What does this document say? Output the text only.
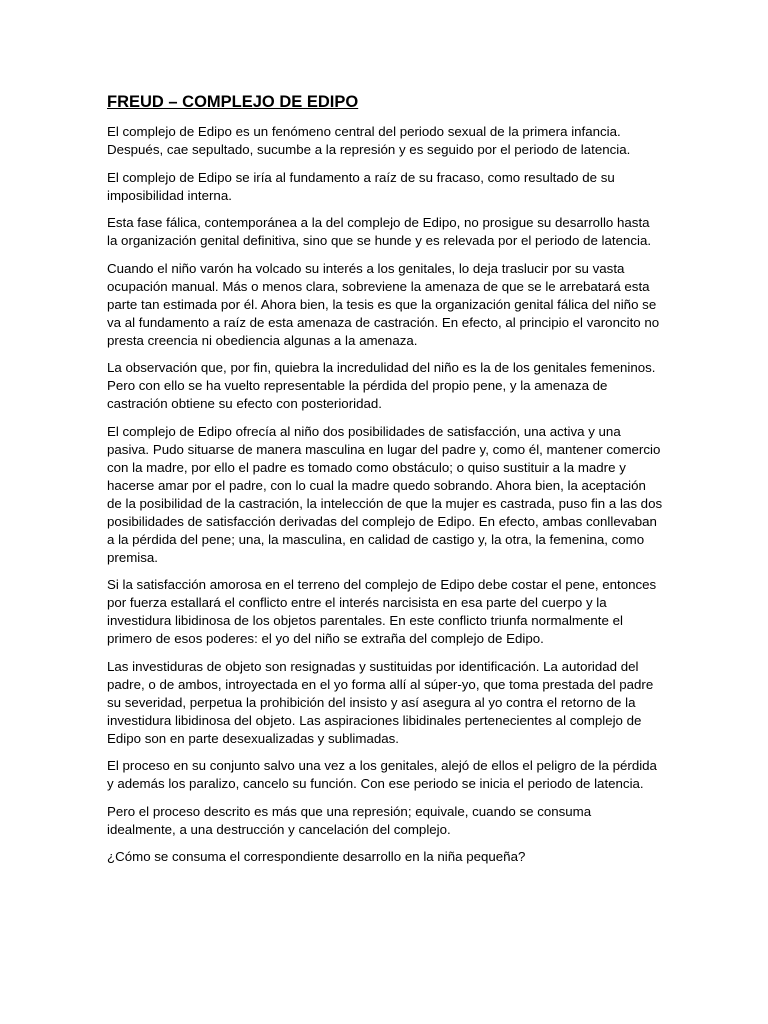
FREUD – COMPLEJO DE EDIPO

El complejo de Edipo es un fenómeno central del periodo sexual de la primera infancia. Después, cae sepultado, sucumbe a la represión y es seguido por el periodo de latencia.

El complejo de Edipo se iría al fundamento a raíz de su fracaso, como resultado de su imposibilidad interna.

Esta fase fálica, contemporánea a la del complejo de Edipo, no prosigue su desarrollo hasta la organización genital definitiva, sino que se hunde y es relevada por el periodo de latencia.

Cuando el niño varón ha volcado su interés a los genitales, lo deja traslucir por su vasta ocupación manual. Más o menos clara, sobreviene la amenaza de que se le arrebatará esta parte tan estimada por él. Ahora bien, la tesis es que la organización genital fálica del niño se va al fundamento a raíz de esta amenaza de castración. En efecto, al principio el varoncito no presta creencia ni obediencia algunas a la amenaza.

La observación que, por fin, quiebra la incredulidad del niño es la de los genitales femeninos. Pero con ello se ha vuelto representable la pérdida del propio pene, y la amenaza de castración obtiene su efecto con posterioridad.

El complejo de Edipo ofrecía al niño dos posibilidades de satisfacción, una activa y una pasiva. Pudo situarse de manera masculina en lugar del padre y, como él, mantener comercio con la madre, por ello el padre es tomado como obstáculo; o quiso sustituir a la madre y hacerse amar por el padre, con lo cual la madre quedo sobrando. Ahora bien, la aceptación de la posibilidad de la castración, la intelección de que la mujer es castrada, puso fin a las dos posibilidades de satisfacción derivadas del complejo de Edipo. En efecto, ambas conllevaban a la pérdida del pene; una, la masculina, en calidad de castigo y, la otra, la femenina, como premisa.

Si la satisfacción amorosa en el terreno del complejo de Edipo debe costar el pene, entonces por fuerza estallará el conflicto entre el interés narcisista en esa parte del cuerpo y la investidura libidinosa de los objetos parentales. En este conflicto triunfa normalmente el primero de esos poderes: el yo del niño se extraña del complejo de Edipo.

Las investiduras de objeto son resignadas y sustituidas por identificación. La autoridad del padre, o de ambos, introyectada en el yo forma allí al súper-yo, que toma prestada del padre su severidad, perpetua la prohibición del insisto y así asegura al yo contra el retorno de la investidura libidinosa del objeto. Las aspiraciones libidinales pertenecientes al complejo de Edipo son en parte desexualizadas y sublimadas.

El proceso en su conjunto salvo una vez a los genitales, alejó de ellos el peligro de la pérdida y además los paralizo, cancelo su función. Con ese periodo se inicia el periodo de latencia.

Pero el proceso descrito es más que una represión; equivale, cuando se consuma idealmente, a una destrucción y cancelación del complejo.

¿Cómo se consuma el correspondiente desarrollo en la niña pequeña?
